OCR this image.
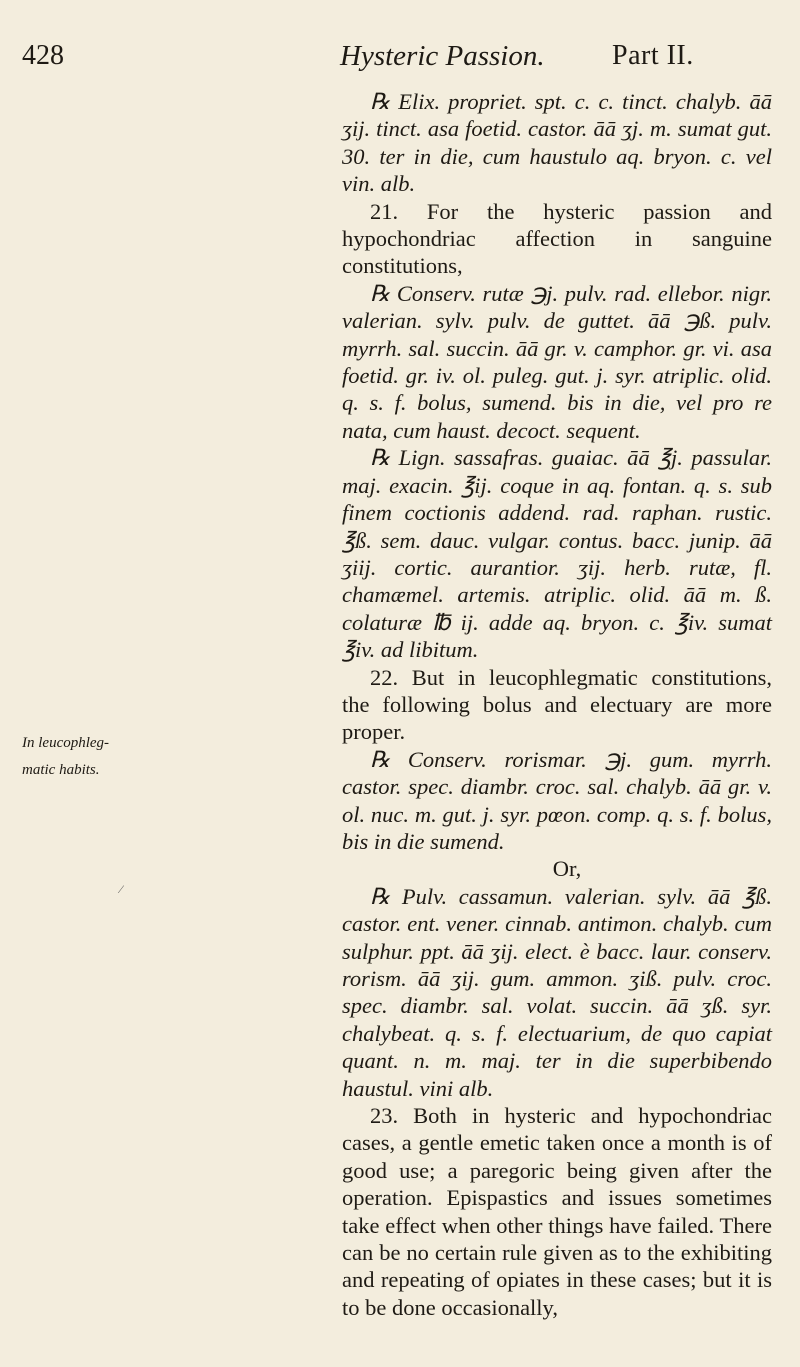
428	Hysteric Passion. Part II.
In leucophleg-matic habits.
⁄

℞ Elix. propriet. spt. c. c. tinct. chalyb. āā ʒij. tinct. asa foetid. castor. āā ʒj. m. sumat gut. 30. ter in die, cum haustulo aq. bryon. c. vel vin. alb.

21. For the hysteric passion and hypochondriac affection in sanguine constitutions,

℞ Conserv. rutæ ℈j. pulv. rad. ellebor. nigr. valerian. sylv. pulv. de guttet. āā ℈ß. pulv. myrrh. sal. succin. āā gr. v. camphor. gr. vi. asa foetid. gr. iv. ol. puleg. gut. j. syr. atriplic. olid. q. s. f. bolus, sumend. bis in die, vel pro re nata, cum haust. decoct. sequent.

℞ Lign. sassafras. guaiac. āā ℥j. passular. maj. exacin. ℥ij. coque in aq. fontan. q. s. sub finem coctionis addend. rad. raphan. rustic. ℥ß. sem. dauc. vulgar. contus. bacc. junip. āā ʒiij. cortic. aurantior. ʒij. herb. rutæ, fl. chamæmel. artemis. atriplic. olid. āā m. ß. colaturæ ℔ ij. adde aq. bryon. c. ℥iv. sumat ℥iv. ad libitum.

22. But in leucophlegmatic constitutions, the following bolus and electuary are more proper.

℞ Conserv. rorismar. ℈j. gum. myrrh. castor. spec. diambr. croc. sal. chalyb. āā gr. v. ol. nuc. m. gut. j. syr. pœon. comp. q. s. f. bolus, bis in die sumend.

Or,

℞ Pulv. cassamun. valerian. sylv. āā ℥ß. castor. ent. vener. cinnab. antimon. chalyb. cum sulphur. ppt. āā ʒij. elect. è bacc. laur. conserv. rorism. āā ʒij. gum. ammon. ʒiß. pulv. croc. spec. diambr. sal. volat. succin. āā ʒß. syr. chalybeat. q. s. f. electuarium, de quo capiat quant. n. m. maj. ter in die superbibendo haustul. vini alb.

23. Both in hysteric and hypochondriac cases, a gentle emetic taken once a month is of good use; a paregoric being given after the operation. Epispastics and issues sometimes take effect when other things have failed. There can be no certain rule given as to the exhibiting and repeating of opiates in these cases; but it is to be done occasionally,
